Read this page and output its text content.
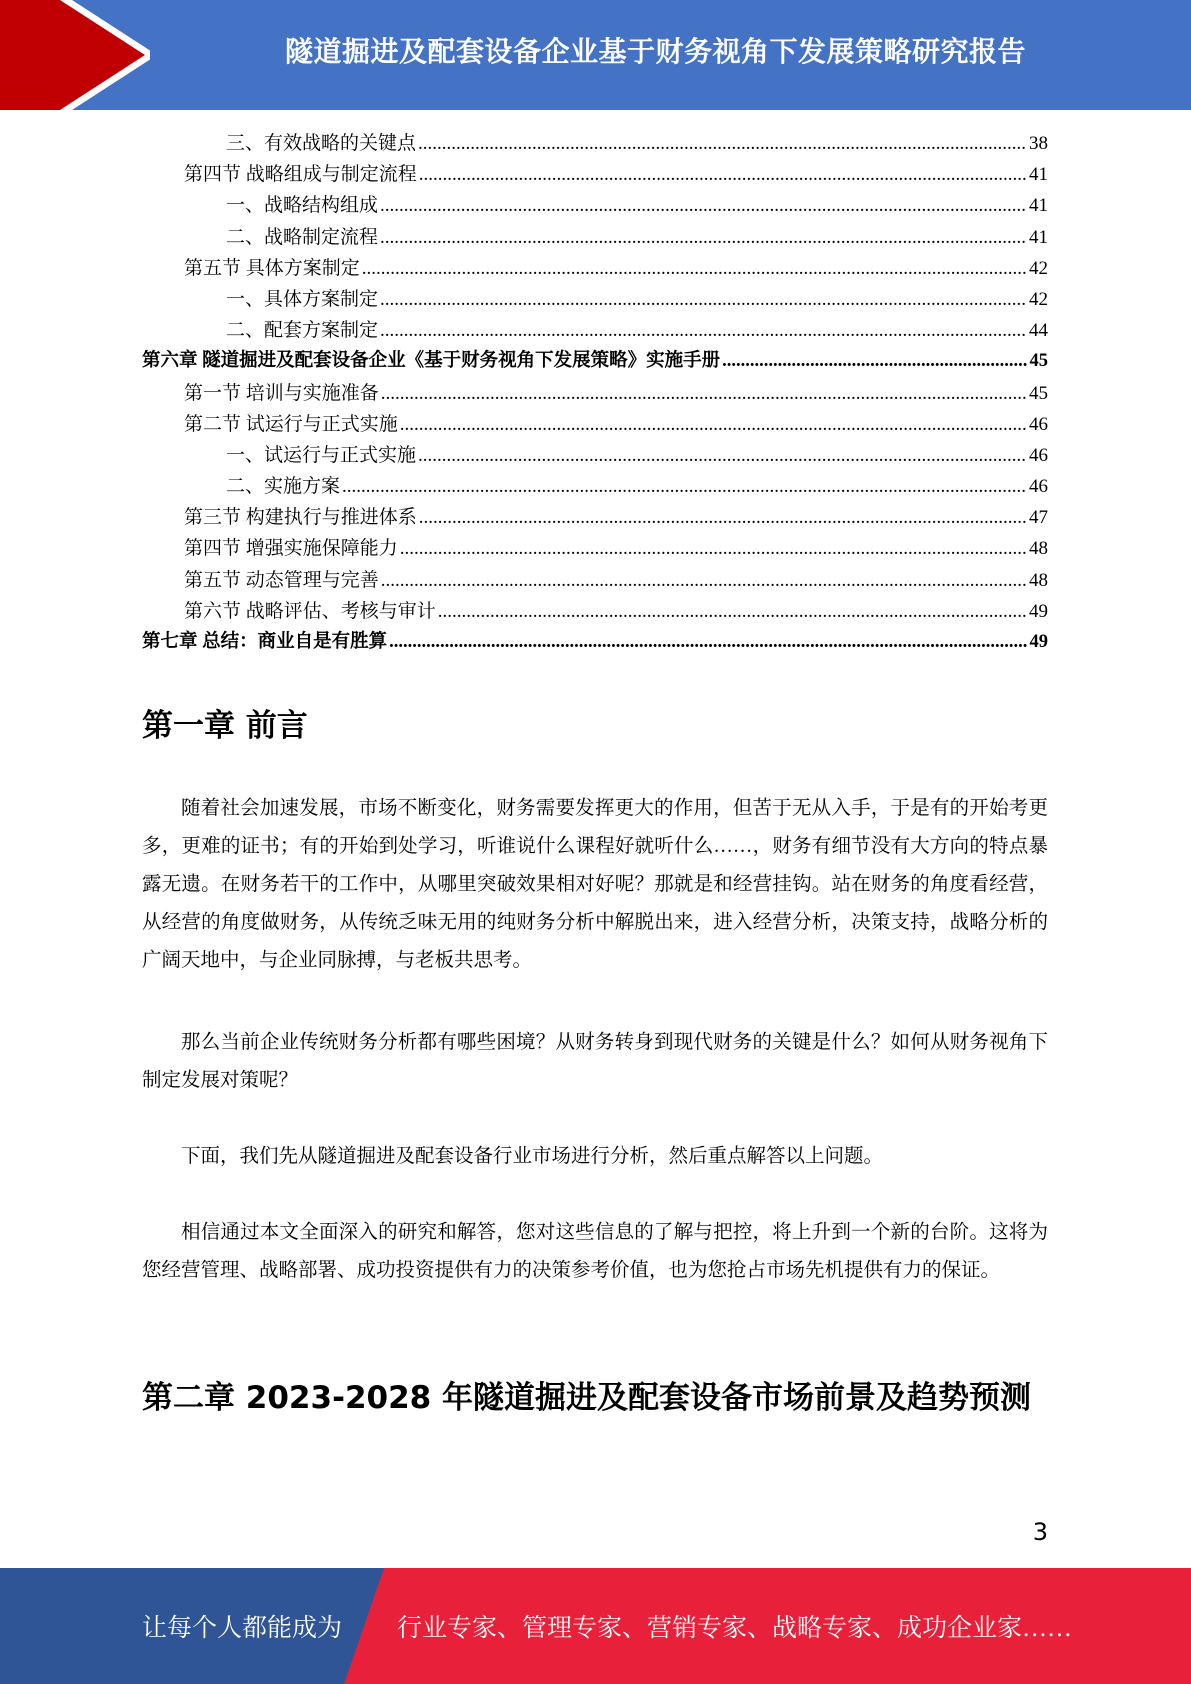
隧道掘进及配套设备企业基于财务视角下发展策略研究报告
三、有效战略的关键点 .....	38
第四节 战略组成与制定流程 .....	41
一、战略结构组成 .....	41
二、战略制定流程 .....	41
第五节 具体方案制定 .....	42
一、具体方案制定 .....	42
二、配套方案制定 .....	44
第六章 隧道掘进及配套设备企业《基于财务视角下发展策略》实施手册 .....	45
第一节 培训与实施准备 .....	45
第二节 试运行与正式实施 .....	46
一、试运行与正式实施 .....	46
二、实施方案 .....	46
第三节 构建执行与推进体系 .....	47
第四节 增强实施保障能力 .....	48
第五节 动态管理与完善 .....	48
第六节 战略评估、考核与审计 .....	49
第七章 总结：商业自是有胜算 .....	49
第一章 前言

随着社会加速发展，市场不断变化，财务需要发挥更大的作用，但苦于无从入手，于是有的开始考更多，更难的证书；有的开始到处学习，听谁说什么课程好就听什么……，财务有细节没有大方向的特点暴露无遗。在财务若干的工作中，从哪里突破效果相对好呢？那就是和经营挂钩。站在财务的角度看经营，从经营的角度做财务，从传统乏味无用的纯财务分析中解脱出来，进入经营分析，决策支持，战略分析的广阔天地中，与企业同脉搏，与老板共思考。

那么当前企业传统财务分析都有哪些困境？从财务转身到现代财务的关键是什么？如何从财务视角下制定发展对策呢？

下面，我们先从隧道掘进及配套设备行业市场进行分析，然后重点解答以上问题。

相信通过本文全面深入的研究和解答，您对这些信息的了解与把控，将上升到一个新的台阶。这将为您经营管理、战略部署、成功投资提供有力的决策参考价值，也为您抢占市场先机提供有力的保证。

第二章 2023-2028 年隧道掘进及配套设备市场前景及趋势预测
3
让每个人都能成为 行业专家、管理专家、营销专家、战略专家、成功企业家……
